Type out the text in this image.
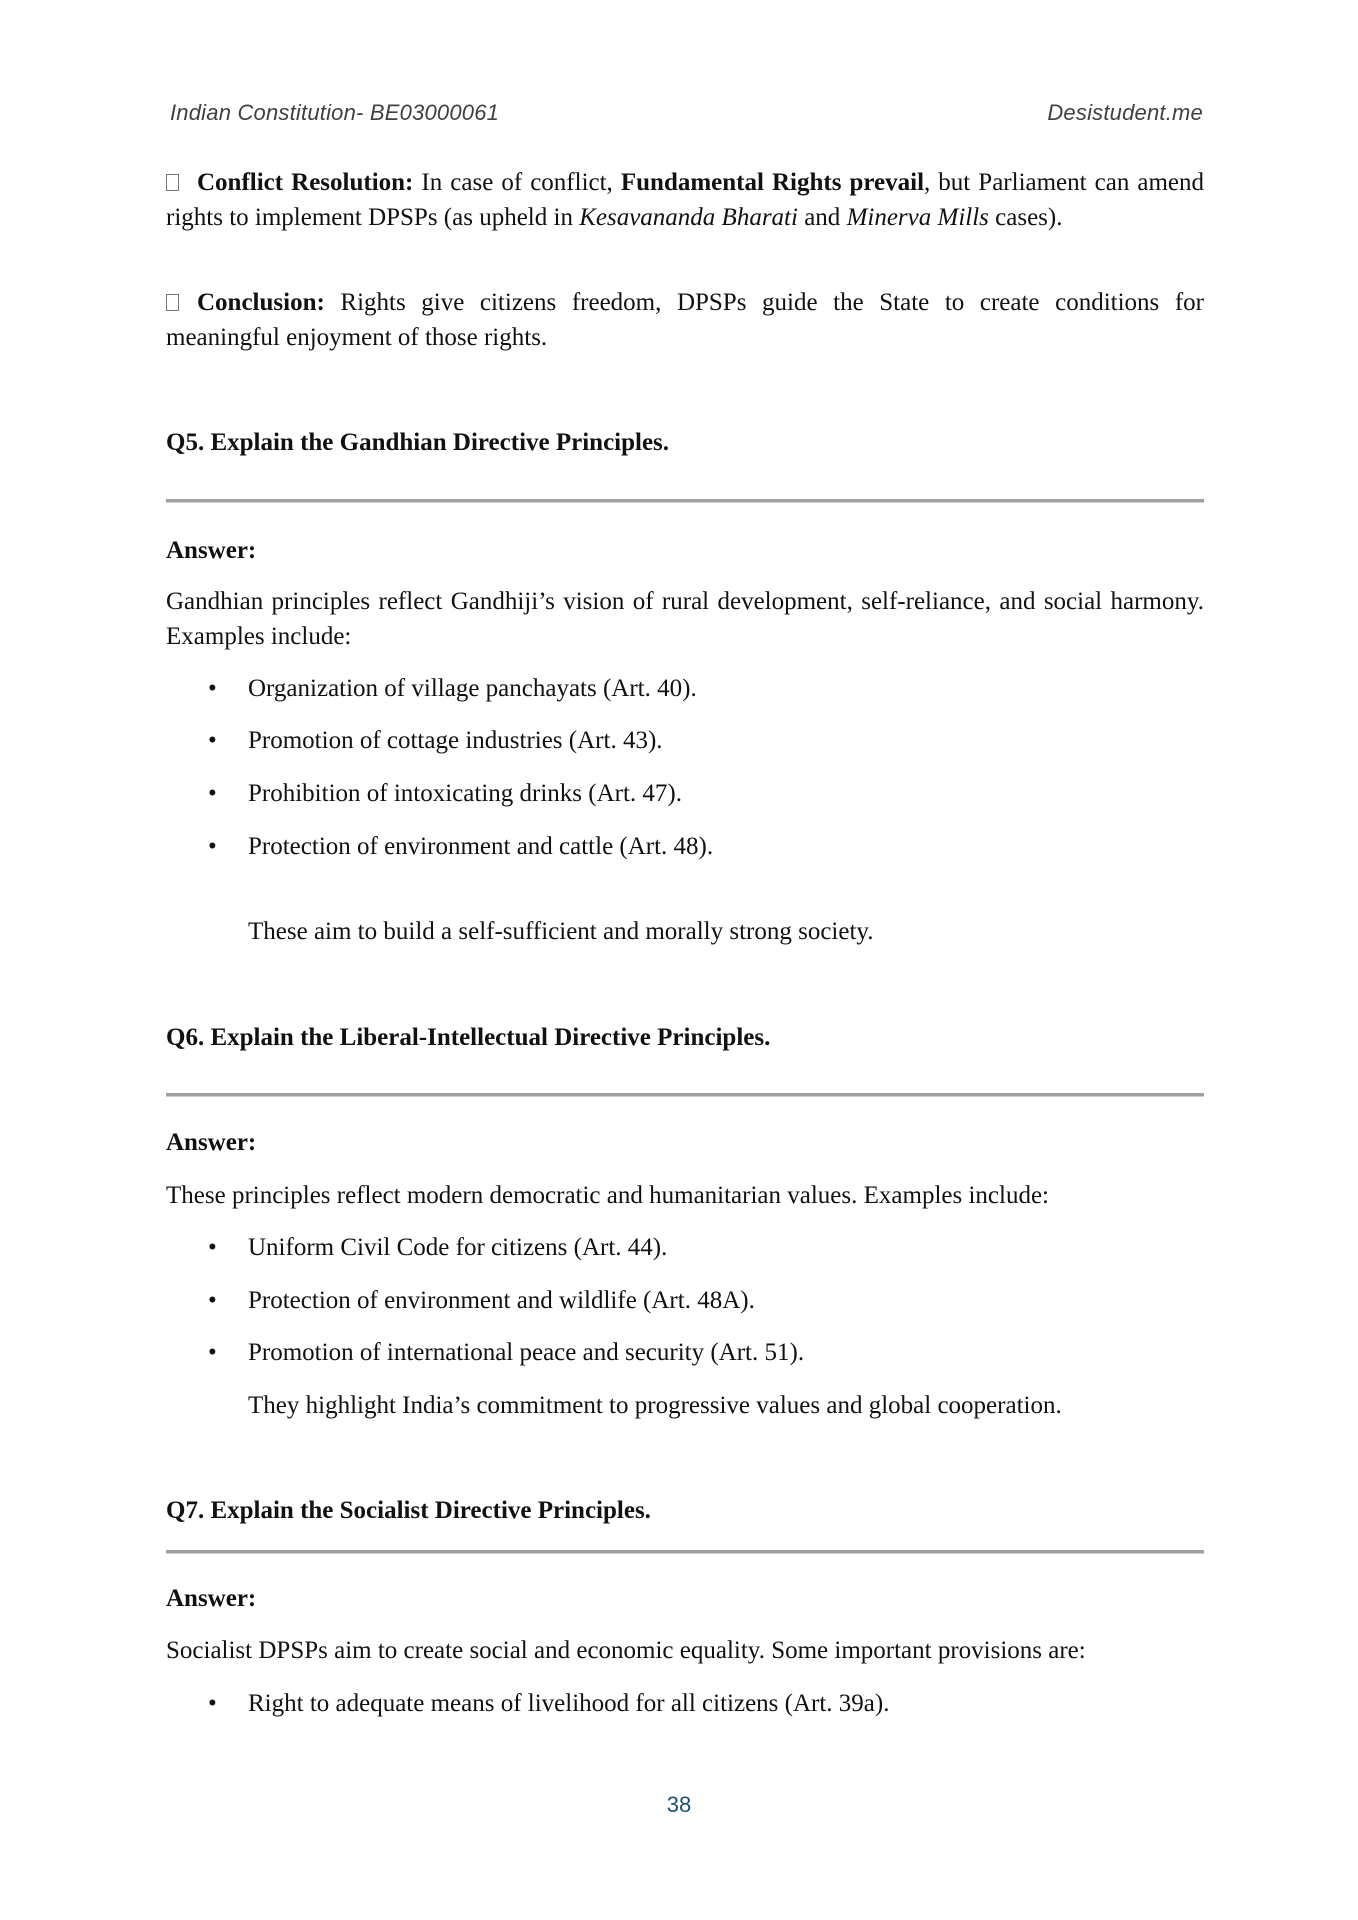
Indian Constitution- BE03000061	Desistudent.me
Conflict Resolution: In case of conflict, Fundamental Rights prevail, but Parliament can amend rights to implement DPSPs (as upheld in Kesavananda Bharati and Minerva Mills cases).
Conclusion: Rights give citizens freedom, DPSPs guide the State to create conditions for meaningful enjoyment of those rights.
Q5. Explain the Gandhian Directive Principles.
Answer:
Gandhian principles reflect Gandhiji’s vision of rural development, self-reliance, and social harmony. Examples include:
• Organization of village panchayats (Art. 40).
• Promotion of cottage industries (Art. 43).
• Prohibition of intoxicating drinks (Art. 47).
• Protection of environment and cattle (Art. 48).
These aim to build a self-sufficient and morally strong society.
Q6. Explain the Liberal-Intellectual Directive Principles.
Answer:
These principles reflect modern democratic and humanitarian values. Examples include:
• Uniform Civil Code for citizens (Art. 44).
• Protection of environment and wildlife (Art. 48A).
• Promotion of international peace and security (Art. 51).
They highlight India’s commitment to progressive values and global cooperation.
Q7. Explain the Socialist Directive Principles.
Answer:
Socialist DPSPs aim to create social and economic equality. Some important provisions are:
• Right to adequate means of livelihood for all citizens (Art. 39a).
38
